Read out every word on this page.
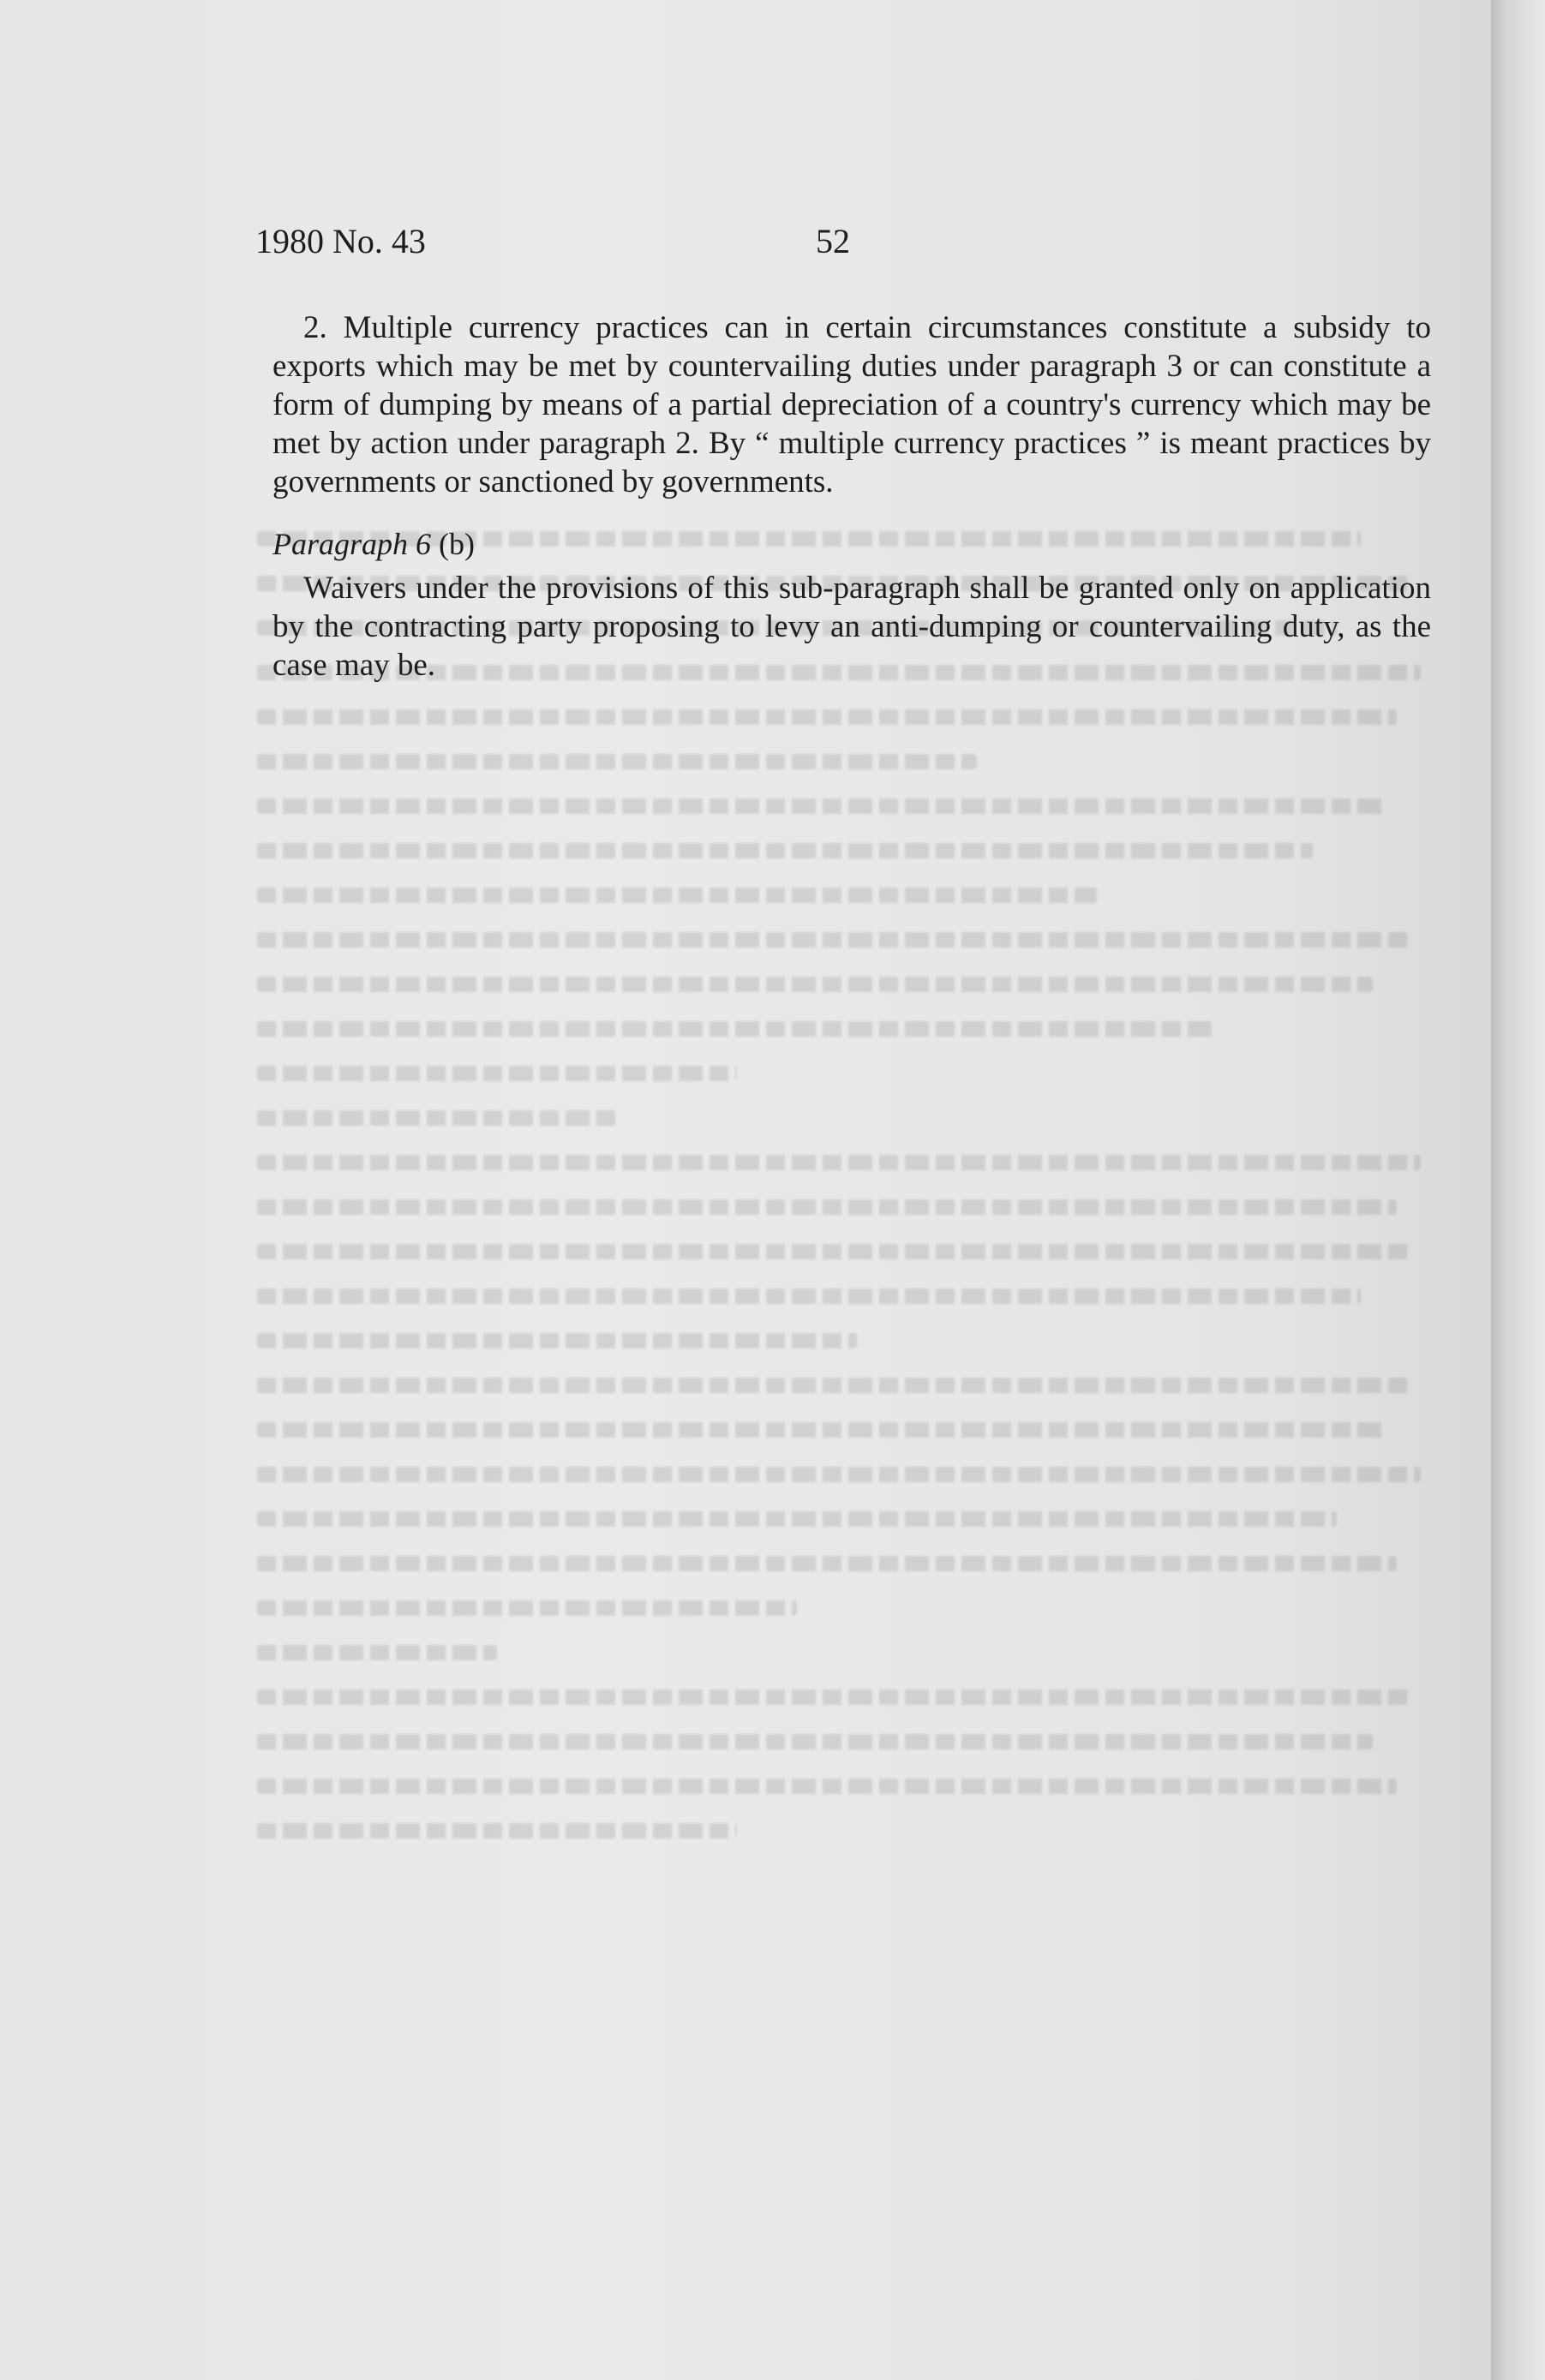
1980 No. 43	52

2. Multiple currency practices can in certain circumstances constitute a subsidy to exports which may be met by countervailing duties under paragraph 3 or can constitute a form of dumping by means of a partial depreciation of a country's currency which may be met by action under paragraph 2. By “ multiple currency practices ” is meant practices by governments or sanctioned by governments.

Paragraph 6 (b)

Waivers under the provisions of this sub-paragraph shall be granted only on application by the contracting party proposing to levy an anti-dumping or countervailing duty, as the case may be.
